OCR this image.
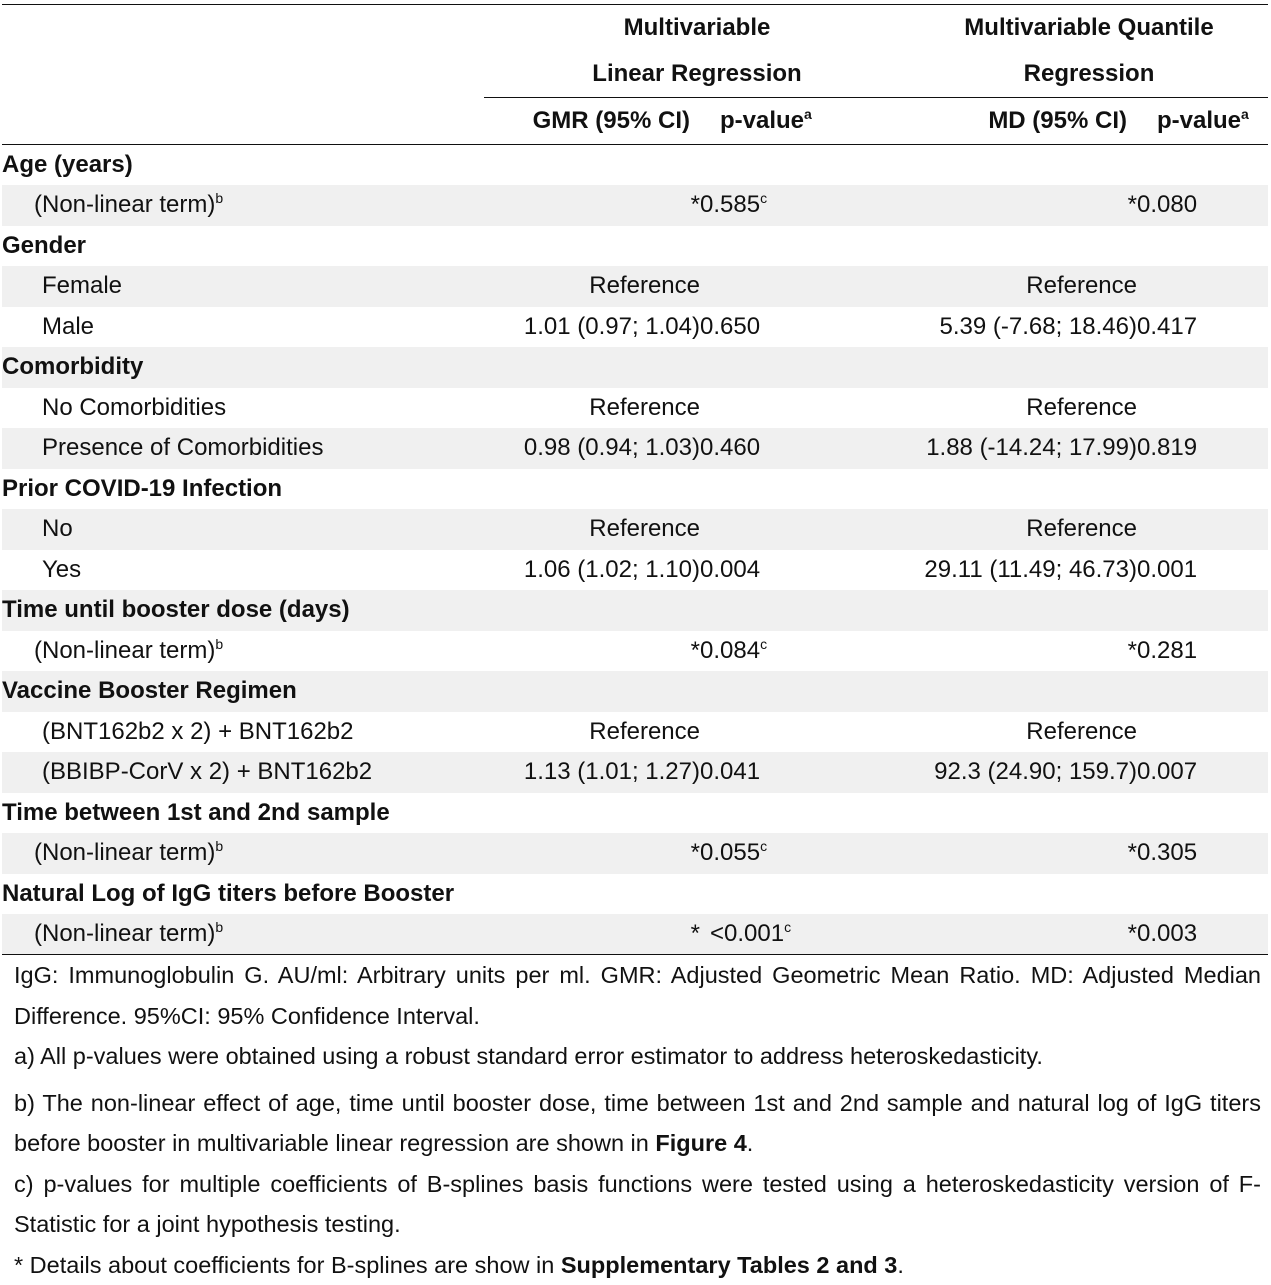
	Multivariable		Multivariable Quantile	
	Linear Regression		Regression	
	GMR (95% CI)	p-value$^a$	MD (95% CI)	p-value$^a$
Age (years)				
(Non-linear term)$^b$	*	0.585$^c$	*	0.080
Gender				
Female	Reference		Reference	
Male	1.01 (0.97; 1.04)	0.650	5.39 (-7.68; 18.46)	0.417
Comorbidity				
No Comorbidities	Reference		Reference	
Presence of Comorbidities	0.98 (0.94; 1.03)	0.460	1.88 (-14.24; 17.99)	0.819
Prior COVID-19 Infection				
No	Reference		Reference	
Yes	1.06 (1.02; 1.10)	0.004	29.11 (11.49; 46.73)	0.001
Time until booster dose (days)				
(Non-linear term)$^b$	*	0.084$^c$	*	0.281
Vaccine Booster Regimen				
(BNT162b2 x 2) + BNT162b2	Reference		Reference	
(BBIBP-CorV x 2) + BNT162b2	1.13 (1.01; 1.27)	0.041	92.3 (24.90; 159.7)	0.007
Time between 1st and 2nd sample				
(Non-linear term)$^b$	*	0.055$^c$	*	0.305
Natural Log of IgG titers before Booster				
(Non-linear term)$^b$	*	<0.001$^c$	*	0.003

IgG: Immunoglobulin G. AU/ml: Arbitrary units per ml. GMR: Adjusted Geometric Mean Ratio. MD: Adjusted Median Difference. 95%CI: 95% Confidence Interval.

a) All p-values were obtained using a robust standard error estimator to address heteroskedasticity.

b) The non-linear effect of age, time until booster dose, time between 1st and 2nd sample and natural log of IgG titers before booster in multivariable linear regression are shown in Figure 4.

c) p-values for multiple coefficients of B-splines basis functions were tested using a heteroskedasticity version of F-Statistic for a joint hypothesis testing.

* Details about coefficients for B-splines are show in Supplementary Tables 2 and 3.
